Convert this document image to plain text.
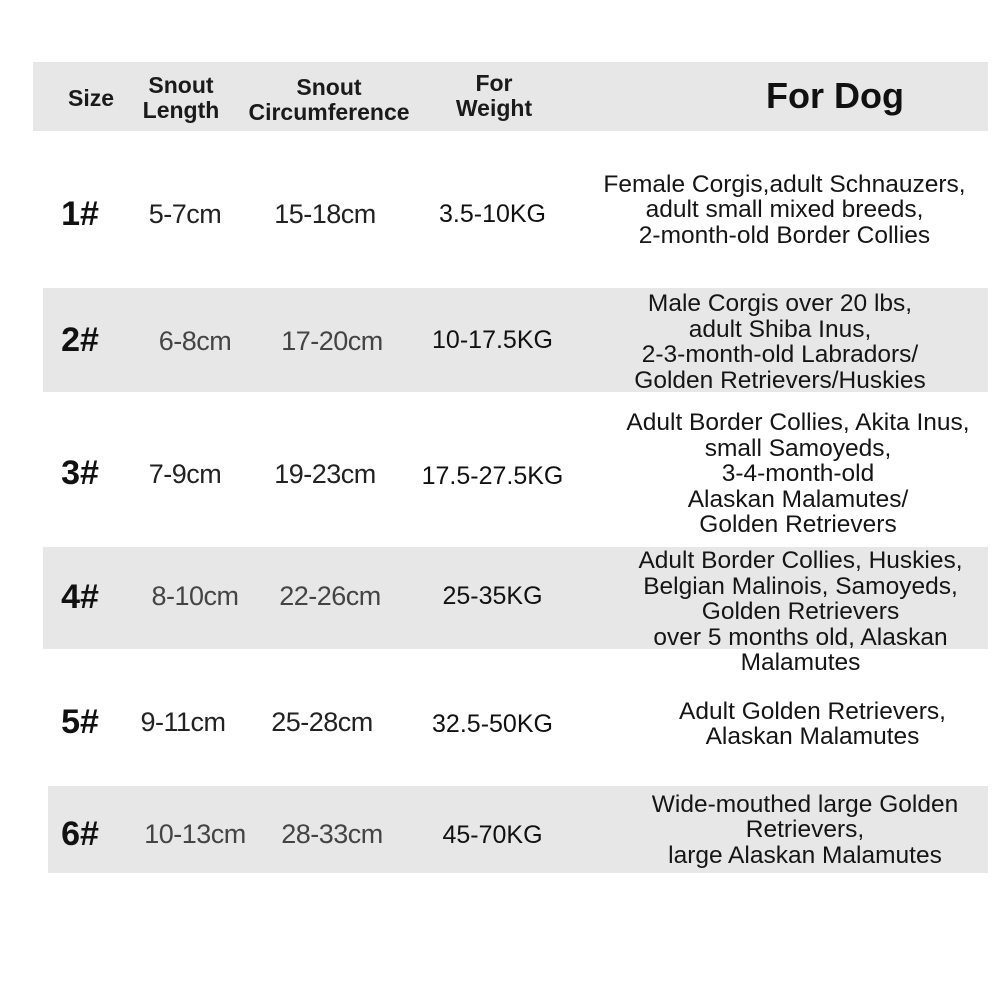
Size	Snout
Length
Snout
Circumference
For
Weight	For Dog
1#	5-7cm	15-18cm	3.5-10KG
Female Corgis,adult Schnauzers,
adult small mixed breeds,
2-month-old Border Collies
2#	6-8cm	17-20cm	10-17.5KG
Male Corgis over 20 lbs,
adult Shiba Inus,
2-3-month-old Labradors/
Golden Retrievers/Huskies
3#	7-9cm	19-23cm	17.5-27.5KG
Adult Border Collies, Akita Inus,
small Samoyeds,
3-4-month-old
Alaskan Malamutes/
Golden Retrievers
4#	8-10cm	22-26cm	25-35KG
Adult Border Collies, Huskies,
Belgian Malinois, Samoyeds,
Golden Retrievers
over 5 months old, Alaskan
Malamutes
5#	9-11cm	25-28cm	32.5-50KG	Adult Golden Retrievers,
Alaskan Malamutes
6#	10-13cm	28-33cm	45-70KG
Wide-mouthed large Golden
Retrievers,
large Alaskan Malamutes
